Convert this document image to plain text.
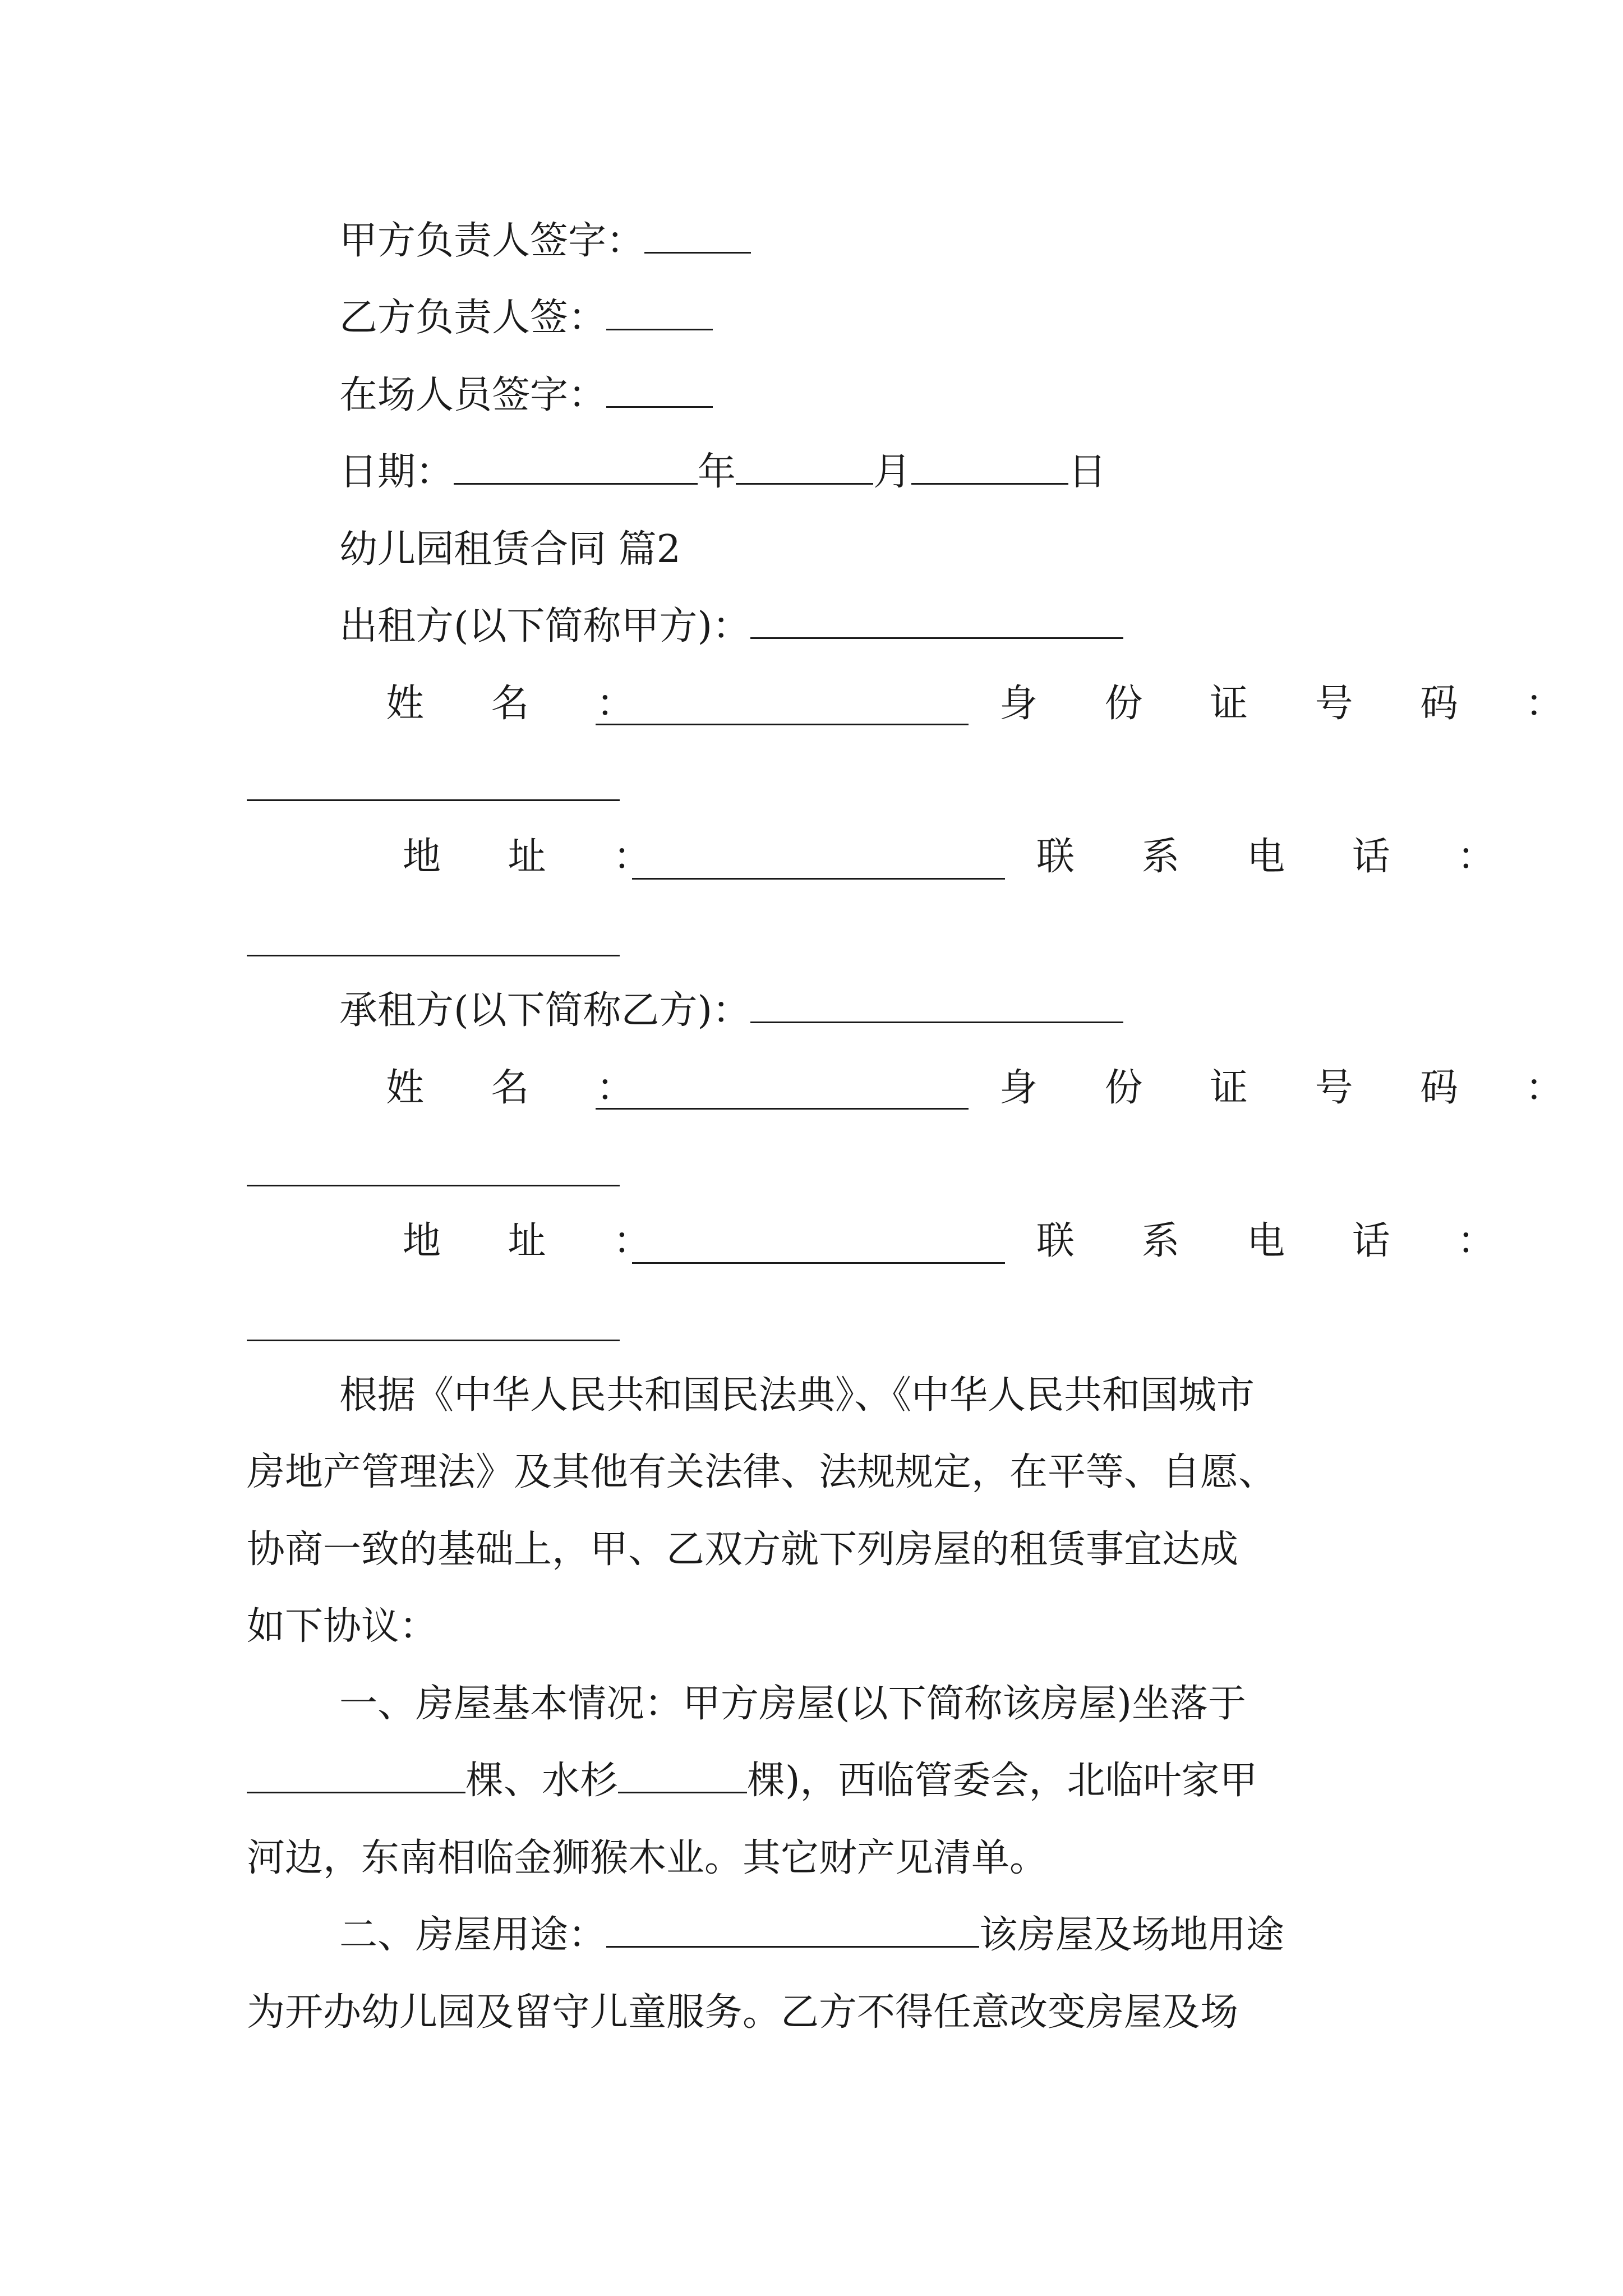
甲方负责人签字：
乙方负责人签：
在场人员签字：
日期：	年	月	日
幼儿园租赁合同 篇2
出租方(以下简称甲方)：
姓 名 ：	身 份 证 号 码 ：
地 址 ：	联 系 电 话 ：
承租方(以下简称乙方)：
姓 名 ：	身 份 证 号 码 ：
地 址 ：	联 系 电 话 ：
根据《中华人民共和国民法典》、《中华人民共和国城市
房地产管理法》及其他有关法律、法规规定，在平等、自愿、
协商一致的基础上，甲、乙双方就下列房屋的租赁事宜达成
如下协议：
一、房屋基本情况：甲方房屋(以下简称该房屋)坐落于
棵、水杉	棵)，西临管委会，北临叶家甲
河边，东南相临金狮猴木业。其它财产见清单。
二、房屋用途：	该房屋及场地用途
为开办幼儿园及留守儿童服务。乙方不得任意改变房屋及场
